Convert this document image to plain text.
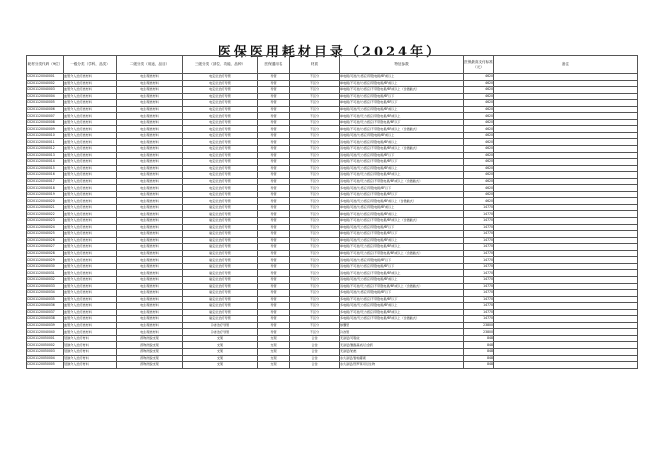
医保医用耗材目录（2024年）
耗材分类代码（9位）	一级分类（学科，品类）	二级分类（用途，品目）	三级分类（部位、功能、品种）	医保通用名	材质	特征参数	医保最高支付标准（元）	备注
C0201120040001	血管介入治疗类材料	电生理类材料	电定位治疗导管	导管	不区分	单电极/可控/力感应/带隐电极/6F或以上	4620	
C0201120040002	血管介入治疗类材料	电生理类材料	电定位治疗导管	导管	不区分	单电极/不可控/力感应/带隐电极/6F或以上	4620	
C0201120040003	血管介入治疗类材料	电生理类材料	电定位治疗导管	导管	不区分	单电极/不可控/力感应/不带隐电极/6F或以上（含微截式）	4620	
C0201120040004	血管介入治疗类材料	电生理类材料	电定位治疗导管	导管	不区分	单电极/不可控/力感应/带隐电极/6F以下	4620	
C0201120040005	血管介入治疗类材料	电生理类材料	电定位治疗导管	导管	不区分	单电极/不可控/力感应/不带隐电极/6F以下	4620	
C0201120040006	血管介入治疗类材料	电生理类材料	电定位治疗导管	导管	不区分	单电极/可控/无力感应/带隐电极/6F或以上	4620	
C0201120040007	血管介入治疗类材料	电生理类材料	电定位治疗导管	导管	不区分	单电极/不可控/无力感应/带隐电极/6F或以上	4620	
C0201120040008	血管介入治疗类材料	电生理类材料	电定位治疗导管	导管	不区分	单电极/不可控/无力感应/不带隐电极/6F以下	4620	
C0201120040009	血管介入治疗类材料	电生理类材料	电定位治疗导管	导管	不区分	单电极/不可控/力感应/不带隐电极/6F或以上（含微截式）	4620	
C0201120040010	血管介入治疗类材料	电生理类材料	电定位治疗导管	导管	不区分	双电极/可控/力感应/带隐电极/6F或以上	4620	
C0201120040011	血管介入治疗类材料	电生理类材料	电定位治疗导管	导管	不区分	双电极/不可控/力感应/带隐电极/6F或以上	4620	
C0201120040012	血管介入治疗类材料	电生理类材料	电定位治疗导管	导管	不区分	双电极/不可控/力感应/不带隐电极/6F或以上（含微截式）	4620	
C0201120040013	血管介入治疗类材料	电生理类材料	电定位治疗导管	导管	不区分	双电极/可控/无力感应/带隐电极/6F以下	4620	
C0201120040014	血管介入治疗类材料	电生理类材料	电定位治疗导管	导管	不区分	双电极/不可控/力感应/不带隐电极/6F以下	4620	
C0201120040015	血管介入治疗类材料	电生理类材料	电定位治疗导管	导管	不区分	双电极/可控/无力感应/带隐电极/6F或以上	4620	
C0201120040016	血管介入治疗类材料	电生理类材料	电定位治疗导管	导管	不区分	双电极/不可控/无力感应/带隐电极/6F或以上	4620	
C0201120040017	血管介入治疗类材料	电生理类材料	电定位治疗导管	导管	不区分	双电极/不可控/无力感应/不带隐电极/6F或以上（含微截式）	4620	
C0201120040018	血管介入治疗类材料	电生理类材料	电定位治疗导管	导管	不区分	多电极/可控/力感应/带隐电极/6F以下	4620	
C0201120040019	血管介入治疗类材料	电生理类材料	电定位治疗导管	导管	不区分	多电极/不可控/力感应/不带隐电极/6F以下	4620	
C0201120040020	血管介入治疗类材料	电生理类材料	电定位治疗导管	导管	不区分	多电极/可控/无力感应/带隐电极/6F或以上（含微截式）	4620	
C0201120040021	血管介入治疗类材料	电生理类材料	磁定位治疗导管	导管	不区分	单电极/可控/力感应/带隐电极/6F或以上	14770	
C0201120040022	血管介入治疗类材料	电生理类材料	磁定位治疗导管	导管	不区分	单电极/不可控/力感应/带隐电极/6F或以上	14770	
C0201120040023	血管介入治疗类材料	电生理类材料	磁定位治疗导管	导管	不区分	单电极/不可控/力感应/不带隐电极/6F或以上（含微截式）	14770	
C0201120040024	血管介入治疗类材料	电生理类材料	磁定位治疗导管	导管	不区分	单电极/可控/无力感应/带隐电极/6F以下	14770	
C0201120040025	血管介入治疗类材料	电生理类材料	磁定位治疗导管	导管	不区分	单电极/不可控/力感应/不带隐电极/6F以下	14770	
C0201120040026	血管介入治疗类材料	电生理类材料	磁定位治疗导管	导管	不区分	单电极/可控/无力感应/带隐电极/6F或以上	14770	
C0201120040027	血管介入治疗类材料	电生理类材料	磁定位治疗导管	导管	不区分	单电极/不可控/无力感应/带隐电极/6F或以上	14770	
C0201120040028	血管介入治疗类材料	电生理类材料	磁定位治疗导管	导管	不区分	单电极/不可控/无力感应/不带隐电极/6F或以上（含微截式）	14770	
C0201120040029	血管介入治疗类材料	电生理类材料	磁定位治疗导管	导管	不区分	双电极/可控/力感应/带隐电极/6F以下	14770	
C0201120040030	血管介入治疗类材料	电生理类材料	磁定位治疗导管	导管	不区分	双电极/不可控/力感应/带隐电极/6F以下	14770	
C0201120040031	血管介入治疗类材料	电生理类材料	磁定位治疗导管	导管	不区分	双电极/不可控/力感应/不带隐电极/6F或以上	14770	
C0201120040032	血管介入治疗类材料	电生理类材料	磁定位治疗导管	导管	不区分	双电极/可控/无力感应/带隐电极/6F或以上	14770	
C0201120040033	血管介入治疗类材料	电生理类材料	磁定位治疗导管	导管	不区分	双电极/不可控/无力感应/不带隐电极/6F或以上（含微截式）	14770	
C0201120040034	血管介入治疗类材料	电生理类材料	磁定位治疗导管	导管	不区分	多电极/可控/力感应/带隐电极/6F以下	14770	
C0201120040035	血管介入治疗类材料	电生理类材料	磁定位治疗导管	导管	不区分	多电极/不可控/力感应/不带隐电极/6F以下	14770	
C0201120040036	血管介入治疗类材料	电生理类材料	磁定位治疗导管	导管	不区分	多电极/可控/无力感应/带隐电极/6F或以上	14770	
C0201120040037	血管介入治疗类材料	电生理类材料	磁定位治疗导管	导管	不区分	多电极/不可控/无力感应/带隐电极/6F或以上	14770	
C0201120040038	血管介入治疗类材料	电生理类材料	磁定位治疗导管	导管	不区分	多电极/可控/无力感应/不带隐电极/6F或以上（含微截式）	14770	
C0201120040039	血管介入治疗类材料	电生理类材料	冷冻治疗导管	导管	不区分	球囊型	23800	
C0201120040040	血管介入治疗类材料	电生理类材料	冷冻治疗导管	导管	不区分	冷冻管	23800	
C0201120050001	冠脉介入治疗材料	药物洗脱支架	支架	支架	合金	无涂层/可吸收	848	
C0201120050002	冠脉介入治疗材料	药物洗脱支架	支架	支架	合金	无涂层/聚酯基质/合金药	848	
C0201120050003	冠脉介入治疗材料	药物洗脱支架	支架	支架	合金	无涂层/铂类	848	
C0201120050004	冠脉介入治疗材料	药物洗脱支架	支架	支架	合金	永久涂层/雷帕霉素	848	
C0201120050005	冠脉介入治疗材料	药物洗脱支架	支架	支架	合金	永久涂层/西罗莫司衍生物	848	
